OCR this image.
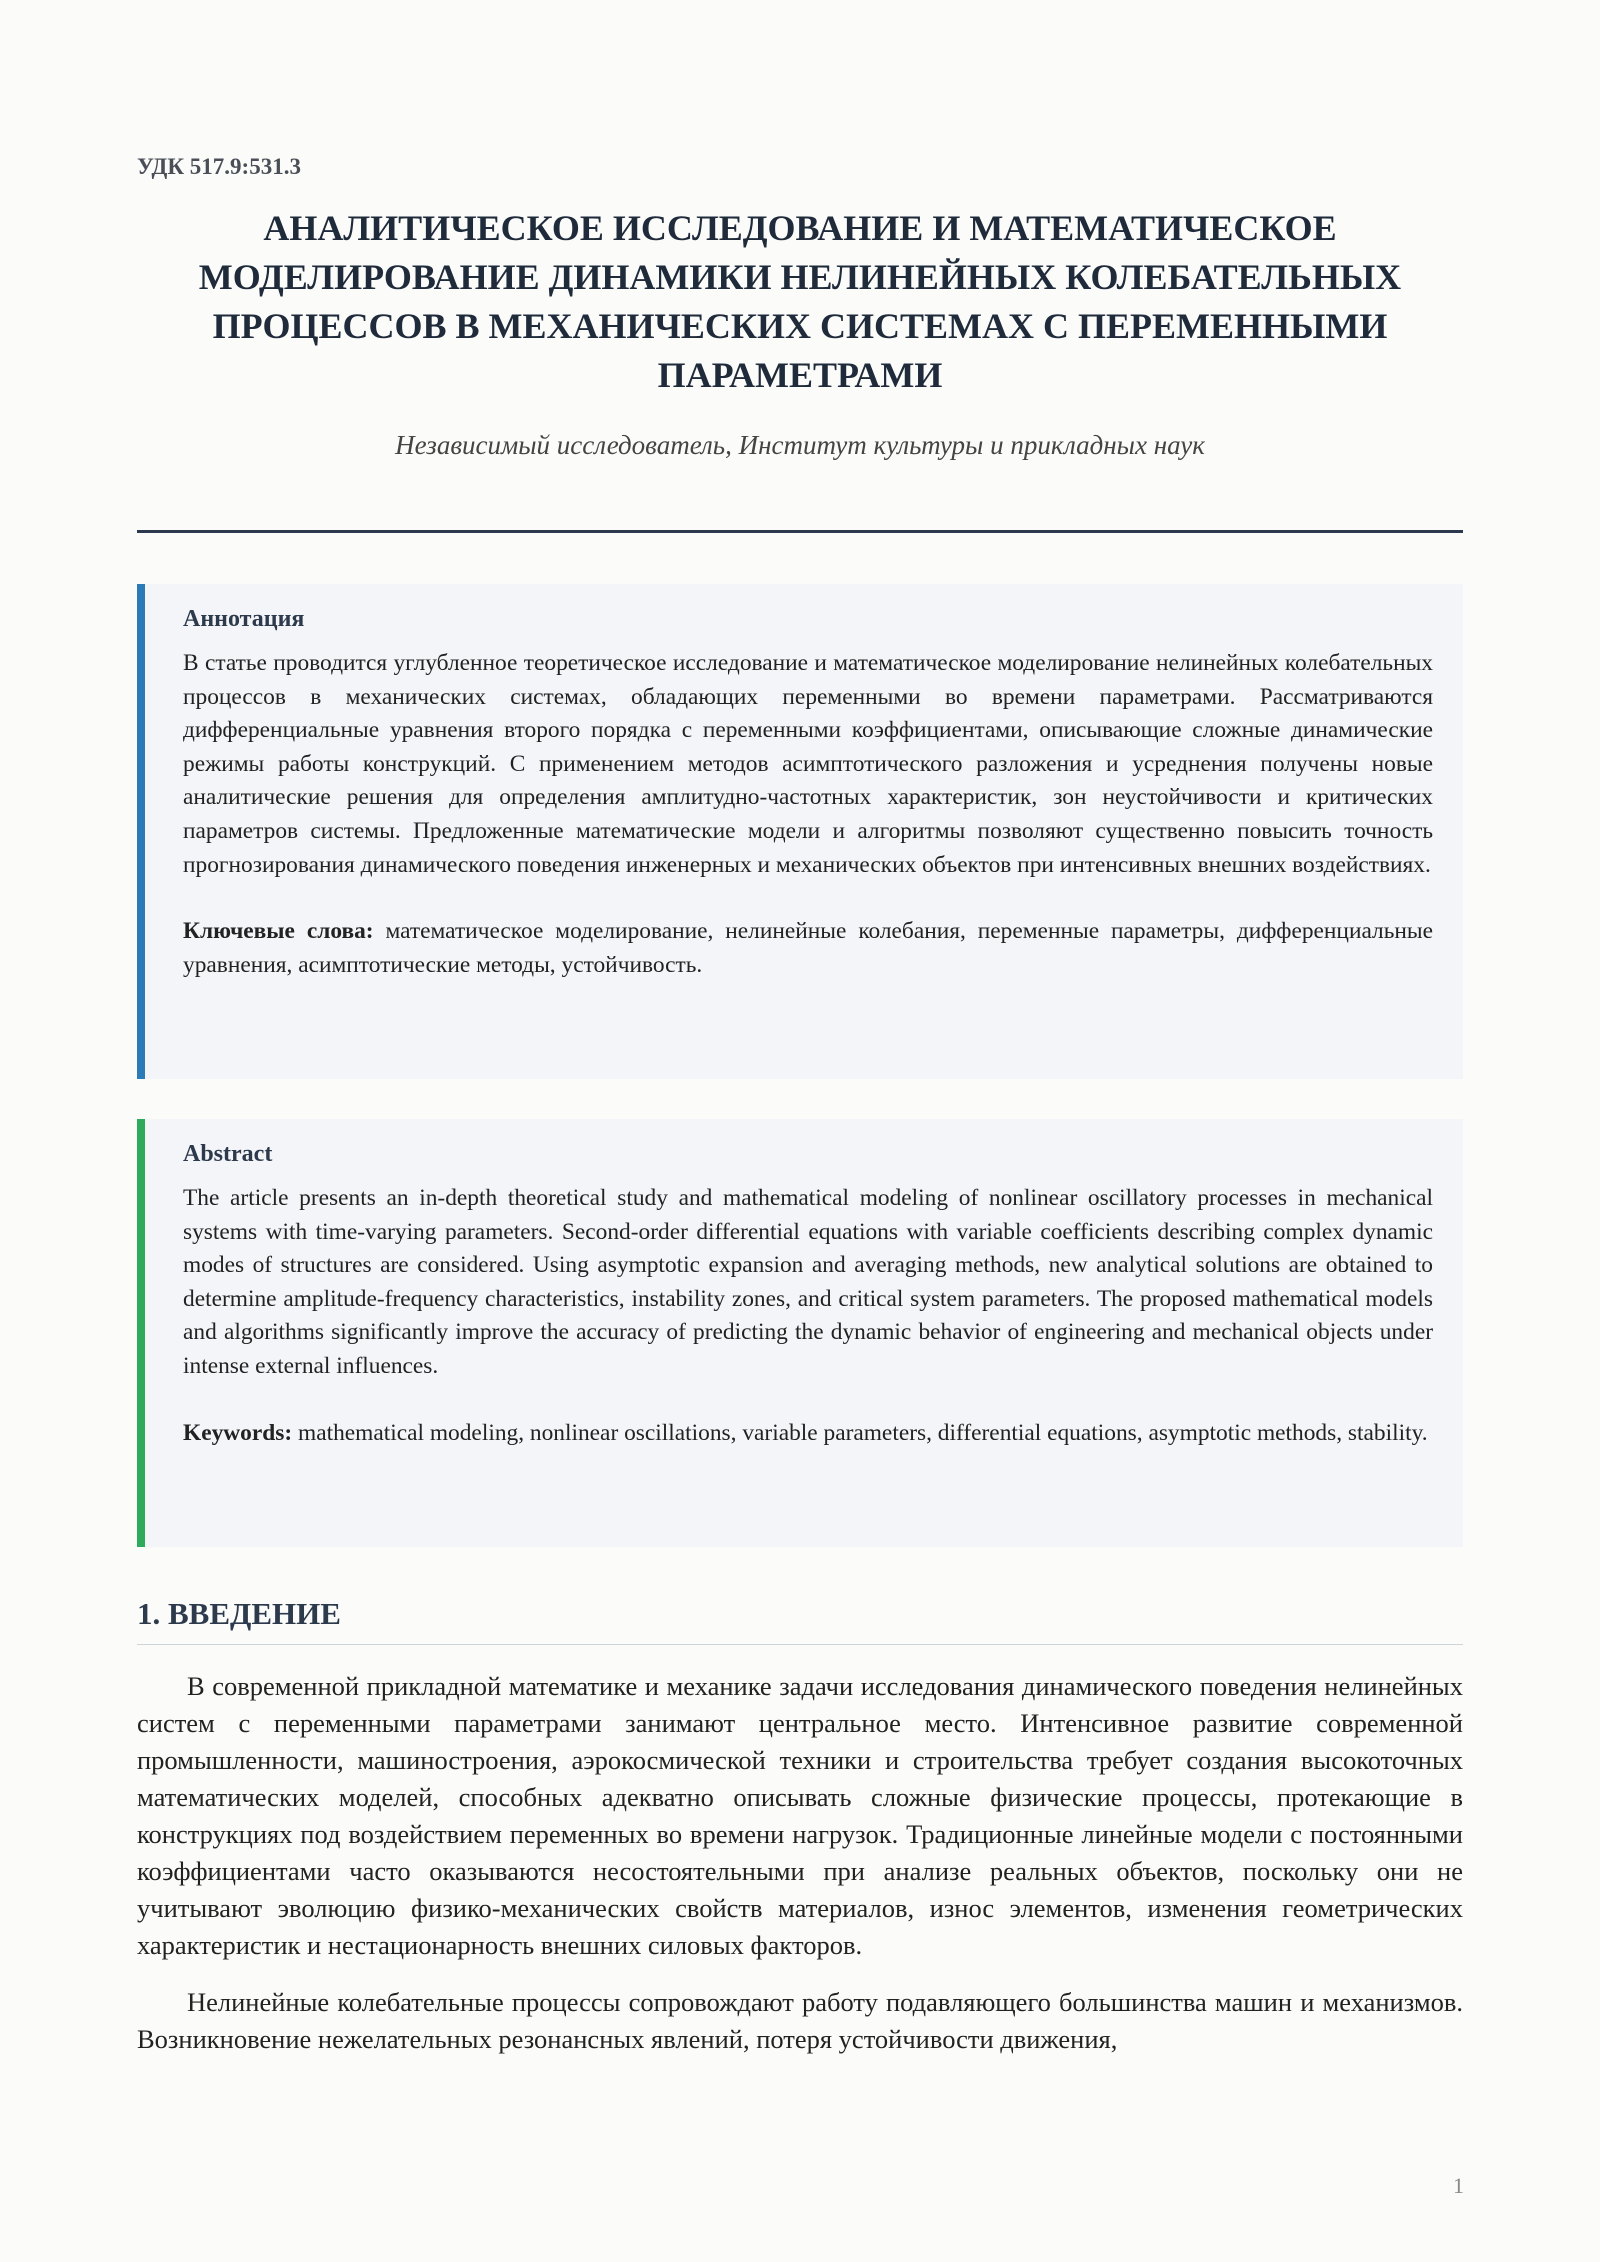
УДК 517.9:531.3
АНАЛИТИЧЕСКОЕ ИССЛЕДОВАНИЕ И МАТЕМАТИЧЕСКОЕ МОДЕЛИРОВАНИЕ ДИНАМИКИ НЕЛИНЕЙНЫХ КОЛЕБАТЕЛЬНЫХ ПРОЦЕССОВ В МЕХАНИЧЕСКИХ СИСТЕМАХ С ПЕРЕМЕННЫМИ ПАРАМЕТРАМИ
Независимый исследователь, Институт культуры и прикладных наук
Аннотация

В статье проводится углубленное теоретическое исследование и математическое моделирование нелинейных колебательных процессов в механических системах, обладающих переменными во времени параметрами. Рассматриваются дифференциальные уравнения второго порядка с переменными коэффициентами, описывающие сложные динамические режимы работы конструкций. С применением методов асимптотического разложения и усреднения получены новые аналитические решения для определения амплитудно-частотных характеристик, зон неустойчивости и критических параметров системы. Предложенные математические модели и алгоритмы позволяют существенно повысить точность прогнозирования динамического поведения инженерных и механических объектов при интенсивных внешних воздействиях.

Ключевые слова: математическое моделирование, нелинейные колебания, переменные параметры, дифференциальные уравнения, асимптотические методы, устойчивость.

Abstract

The article presents an in-depth theoretical study and mathematical modeling of nonlinear oscillatory processes in mechanical systems with time-varying parameters. Second-order differential equations with variable coefficients describing complex dynamic modes of structures are considered. Using asymptotic expansion and averaging methods, new analytical solutions are obtained to determine amplitude-frequency characteristics, instability zones, and critical system parameters. The proposed mathematical models and algorithms significantly improve the accuracy of predicting the dynamic behavior of engineering and mechanical objects under intense external influences.

Keywords: mathematical modeling, nonlinear oscillations, variable parameters, differential equations, asymptotic methods, stability.

1. ВВЕДЕНИЕ

В современной прикладной математике и механике задачи исследования динамического поведения нелинейных систем с переменными параметрами занимают центральное место. Интенсивное развитие современной промышленности, машиностроения, аэрокосмической техники и строительства требует создания высокоточных математических моделей, способных адекватно описывать сложные физические процессы, протекающие в конструкциях под воздействием переменных во времени нагрузок. Традиционные линейные модели с постоянными коэффициентами часто оказываются несостоятельными при анализе реальных объектов, поскольку они не учитывают эволюцию физико-механических свойств материалов, износ элементов, изменения геометрических характеристик и нестационарность внешних силовых факторов.

Нелинейные колебательные процессы сопровождают работу подавляющего большинства машин и механизмов. Возникновение нежелательных резонансных явлений, потеря устойчивости движения,

1
